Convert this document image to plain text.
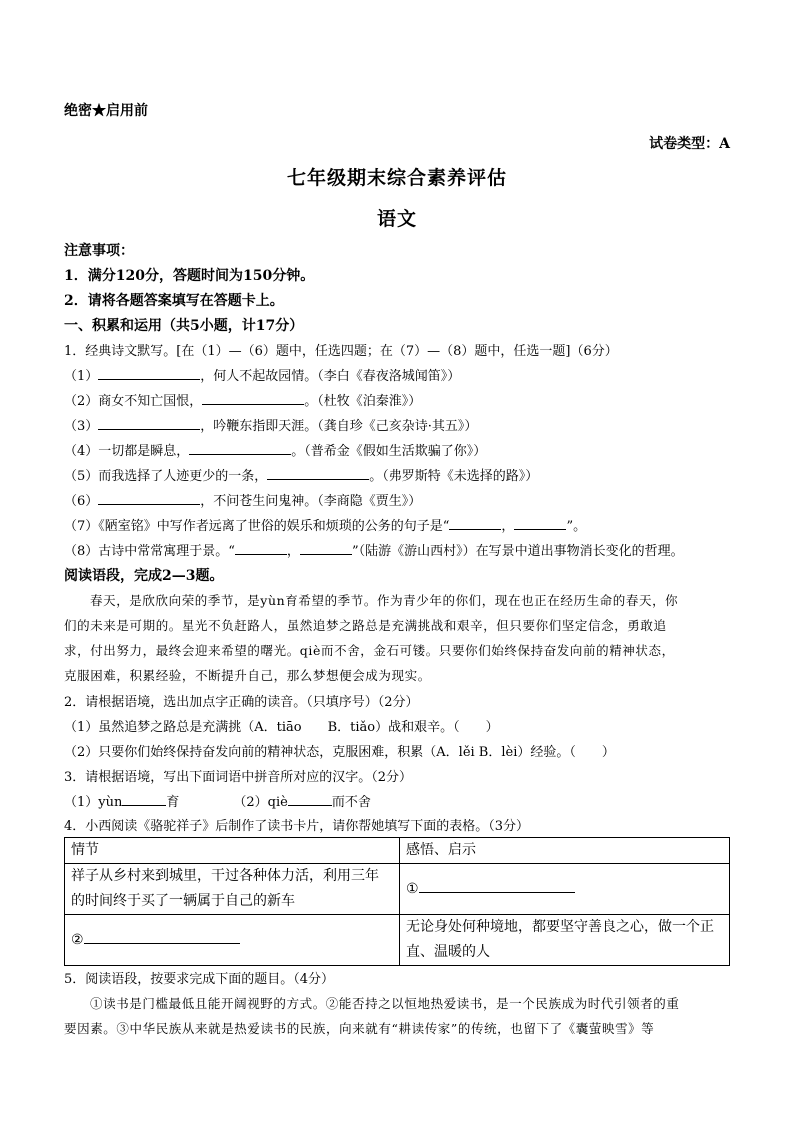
绝密★启用前
试卷类型：A
七年级期末综合素养评估
语文
注意事项：
1．满分120分，答题时间为150分钟。
2．请将各题答案填写在答题卡上。
一、积累和运用（共5小题，计17分）
1．经典诗文默写。[在（1）—（6）题中，任选四题；在（7）—（8）题中，任选一题]（6分）
（1）	，何人不起故园情。（李白《春夜洛城闻笛》）
（2）商女不知亡国恨，	。（杜牧《泊秦淮》）
（3）	，吟鞭东指即天涯。（龚自珍《己亥杂诗·其五》）
（4）一切都是瞬息，	。（普希金《假如生活欺骗了你》）
（5）而我选择了人迹更少的一条，	。（弗罗斯特《未选择的路》）
（6）	，不问苍生问鬼神。（李商隐《贾生》）
（7）《陋室铭》中写作者远离了世俗的娱乐和烦琐的公务的句子是“	，	”。
（8）古诗中常常寓理于景。“	，	”（陆游《游山西村》）在写景中道出事物消长变化的哲理。
阅读语段，完成2—3题。
春天，是欣欣向荣的季节，是yùn育希望的季节。作为青少年的你们，现在也正在经历生命的春天，你
们的未来是可期的。星光不负赶路人，虽然追梦之路总是充满挑战和艰辛，但只要你们坚定信念，勇敢追
求，付出努力，最终会迎来希望的曙光。qiè而不舍，金石可镂。只要你们始终保持奋发向前的精神状态，
克服困难，积累经验，不断提升自己，那么梦想便会成为现实。
2．请根据语境，选出加点字正确的读音。（只填序号）（2分）
（1）虽然追梦之路总是充满挑（A．tiāo　　B．tiǎo）战和艰辛。（　　）
（2）只要你们始终保持奋发向前的精神状态，克服困难，积累（A．lěi B．lèi）经验。（　　）
3．请根据语境，写出下面词语中拼音所对应的汉字。（2分）
（1）yùn	育	（2）qiè	而不舍
4．小西阅读《骆驼祥子》后制作了读书卡片，请你帮她填写下面的表格。（3分）
情节	感悟、启示

祥子从乡村来到城里，干过各种体力活，利用三年
的时间终于买了一辆属于自己的新车	①
②	无论身处何种境地，都要坚守善良之心，做一个正
直、温暖的人
5．阅读语段，按要求完成下面的题目。（4分）
①读书是门槛最低且能开阔视野的方式。②能否持之以恒地热爱读书，是一个民族成为时代引领者的重
要因素。③中华民族从来就是热爱读书的民族，向来就有“耕读传家”的传统，也留下了《囊萤映雪》等
